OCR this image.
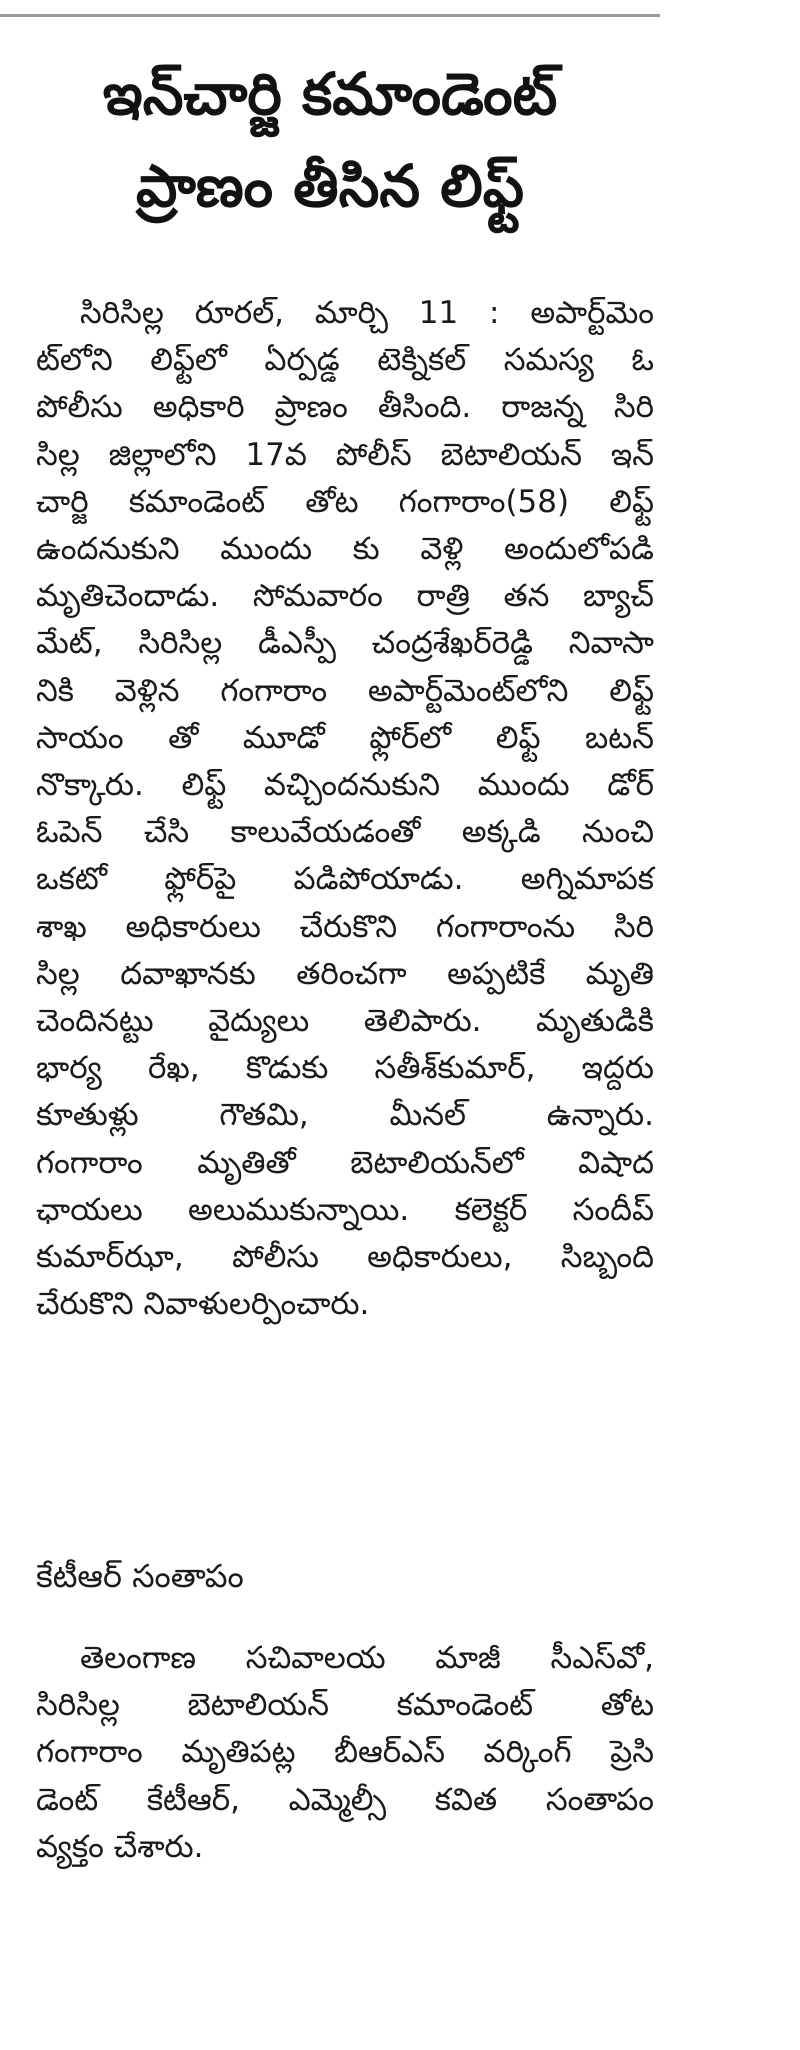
ఇన్‌చార్జి కమాండెంట్
ప్రాణం తీసిన లిఫ్ట్
సిరిసిల్ల రూరల్‌, మార్చి 11 : అపార్ట్‌మెం
ట్‌లోని లిఫ్ట్‌లో ఏర్పడ్డ టెక్నికల్‌ సమస్య ఓ
పోలీసు అధికారి ప్రాణం తీసింది. రాజన్న సిరి
సిల్ల జిల్లాలోని 17వ పోలీస్‌ బెటాలియన్‌ ఇన్‌
చార్జి కమాండెంట్‌ తోట గంగారాం(58) లిఫ్ట్‌
ఉందనుకుని ముందు కు వెళ్లి అందులోపడి
మృతిచెందాడు. సోమవారం రాత్రి తన బ్యాచ్‌
మేట్‌, సిరిసిల్ల డీఎస్పీ చంద్రశేఖర్‌రెడ్డి నివాసా
నికి వెళ్లిన గంగారాం అపార్ట్‌మెంట్‌లోని లిఫ్ట్‌
సాయం తో మూడో ఫ్లోర్‌లో లిఫ్ట్‌ బటన్‌
నొక్కారు. లిఫ్ట్‌ వచ్చిందనుకుని ముందు డోర్‌
ఓపెన్‌ చేసి కాలువేయడంతో అక్కడి నుంచి
ఒకటో ఫ్లోర్‌పై పడిపోయాడు. అగ్నిమాపక
శాఖ అధికారులు చేరుకొని గంగారాంను సిరి
సిల్ల దవాఖానకు తరించగా అప్పటికే మృతి
చెందినట్టు వైద్యులు తెలిపారు. మృతుడికి
భార్య రేఖ, కొడుకు సతీశ్‌కుమార్‌, ఇద్దరు
కూతుళ్లు గౌతమి, మీనల్‌ ఉన్నారు.
గంగారాం మృతితో బెటాలియన్‌లో విషాద
ఛాయలు అలుముకున్నాయి. కలెక్టర్‌ సందీప్‌
కుమార్‌ఝా, పోలీసు అధికారులు, సిబ్బంది
చేరుకొని నివాళులర్పించారు.
కేటీఆర్‌ సంతాపం
తెలంగాణ సచివాలయ మాజీ సీఎస్‌వో,
సిరిసిల్ల బెటాలియన్‌ కమాండెంట్‌ తోట
గంగారాం మృతిపట్ల బీఆర్‌ఎస్‌ వర్కింగ్‌ ప్రెసి
డెంట్‌ కేటీఆర్‌, ఎమ్మెల్సీ కవిత సంతాపం
వ్యక్తం చేశారు.
